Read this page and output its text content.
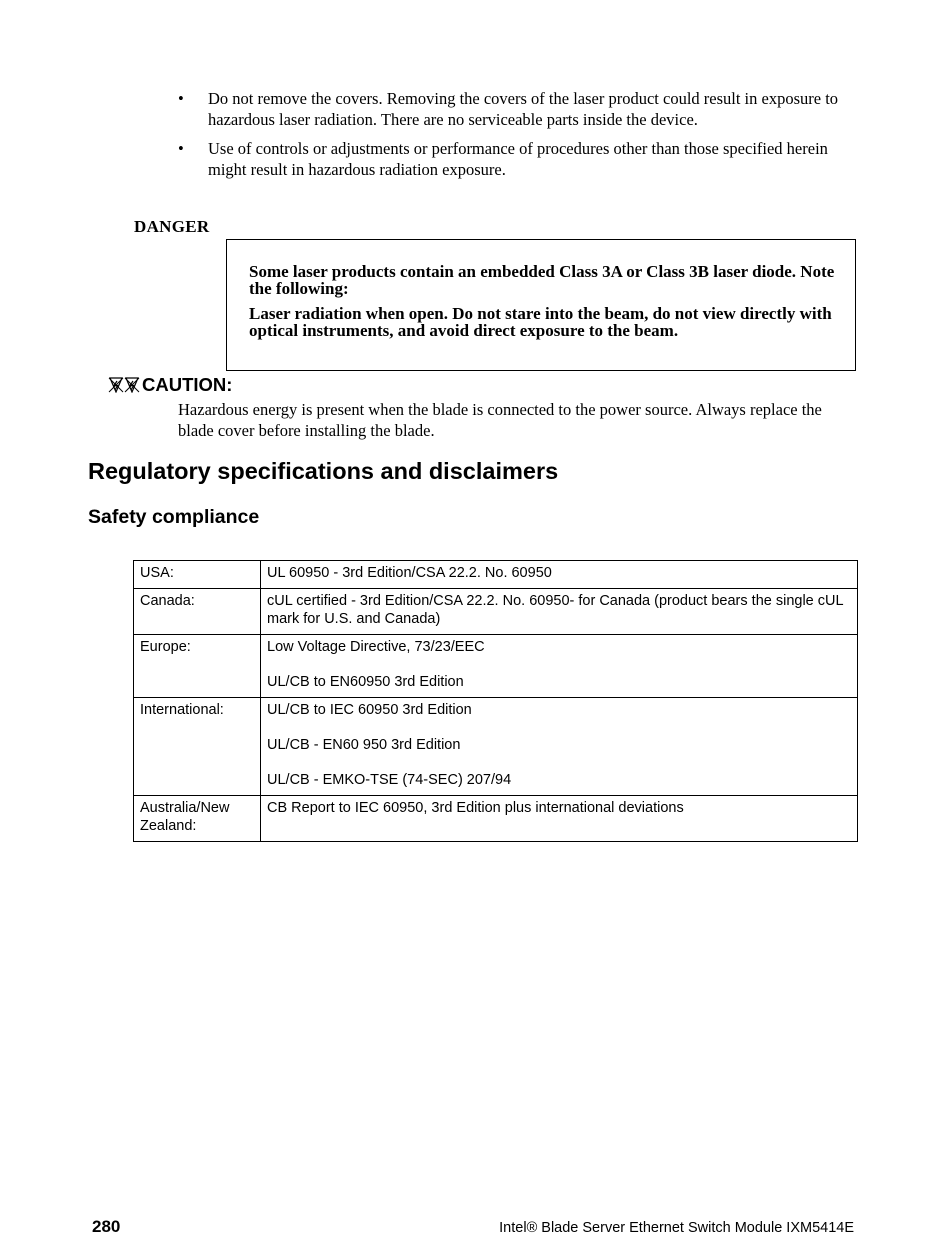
•	Do not remove the covers. Removing the covers of the laser product could result in exposure to hazardous laser radiation. There are no serviceable parts inside the device.
•	Use of controls or adjustments or performance of procedures other than those specified herein might result in hazardous radiation exposure.
DANGER

Some laser products contain an embedded Class 3A or Class 3B laser diode. Note the following:

Laser radiation when open. Do not stare into the beam, do not view directly with optical instruments, and avoid direct exposure to the beam.

CAUTION:
Hazardous energy is present when the blade is connected to the power source. Always replace the blade cover before installing the blade.
Regulatory specifications and disclaimers
Safety compliance
USA:	UL 60950 - 3rd Edition/CSA 22.2. No. 60950

Canada:	cUL certified - 3rd Edition/CSA 22.2. No. 60950- for Canada (product bears the single cUL mark for U.S. and Canada)

Europe:	Low Voltage Directive, 73/23/EEC
UL/CB to EN60950 3rd Edition

International:	UL/CB to IEC 60950 3rd Edition
UL/CB - EN60 950 3rd Edition
UL/CB - EMKO-TSE (74-SEC) 207/94

Australia/New Zealand:	CB Report to IEC 60950, 3rd Edition plus international deviations
280	Intel® Blade Server Ethernet Switch Module IXM5414E
